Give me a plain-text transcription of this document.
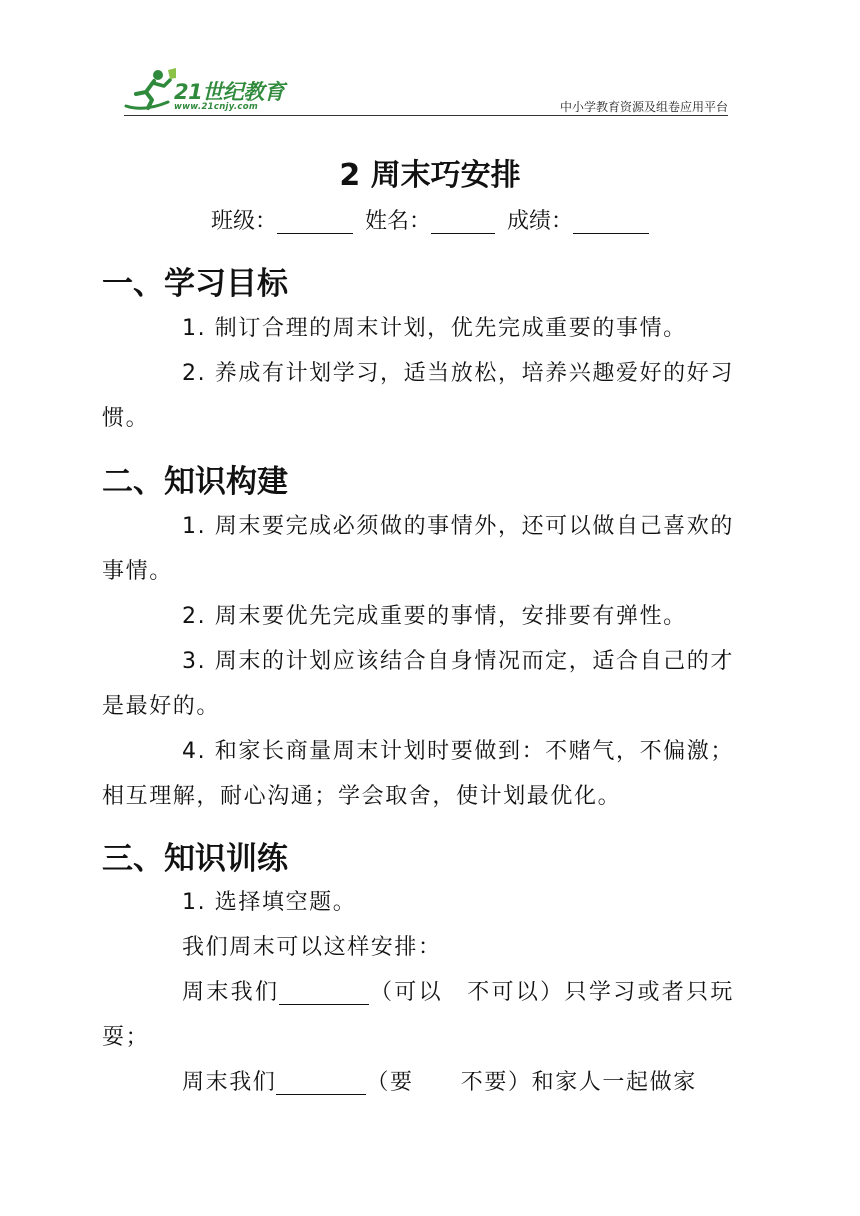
21世纪教育
www.21cnjy.com	中小学教育资源及组卷应用平台
2 周末巧安排
班级：	姓名：	成绩：
一、学习目标
1. 制订合理的周末计划，优先完成重要的事情。
2. 养成有计划学习，适当放松，培养兴趣爱好的好习惯。
二、知识构建
1. 周末要完成必须做的事情外，还可以做自己喜欢的事情。
2. 周末要优先完成重要的事情，安排要有弹性。
3. 周末的计划应该结合自身情况而定，适合自己的才是最好的。
4. 和家长商量周末计划时要做到：不赌气，不偏激；相互理解，耐心沟通；学会取舍，使计划最优化。
三、知识训练
1. 选择填空题。
我们周末可以这样安排：
周末我们	（可以　不可以）只学习或者只玩耍；
周末我们	（要　　不要）和家人一起做家
